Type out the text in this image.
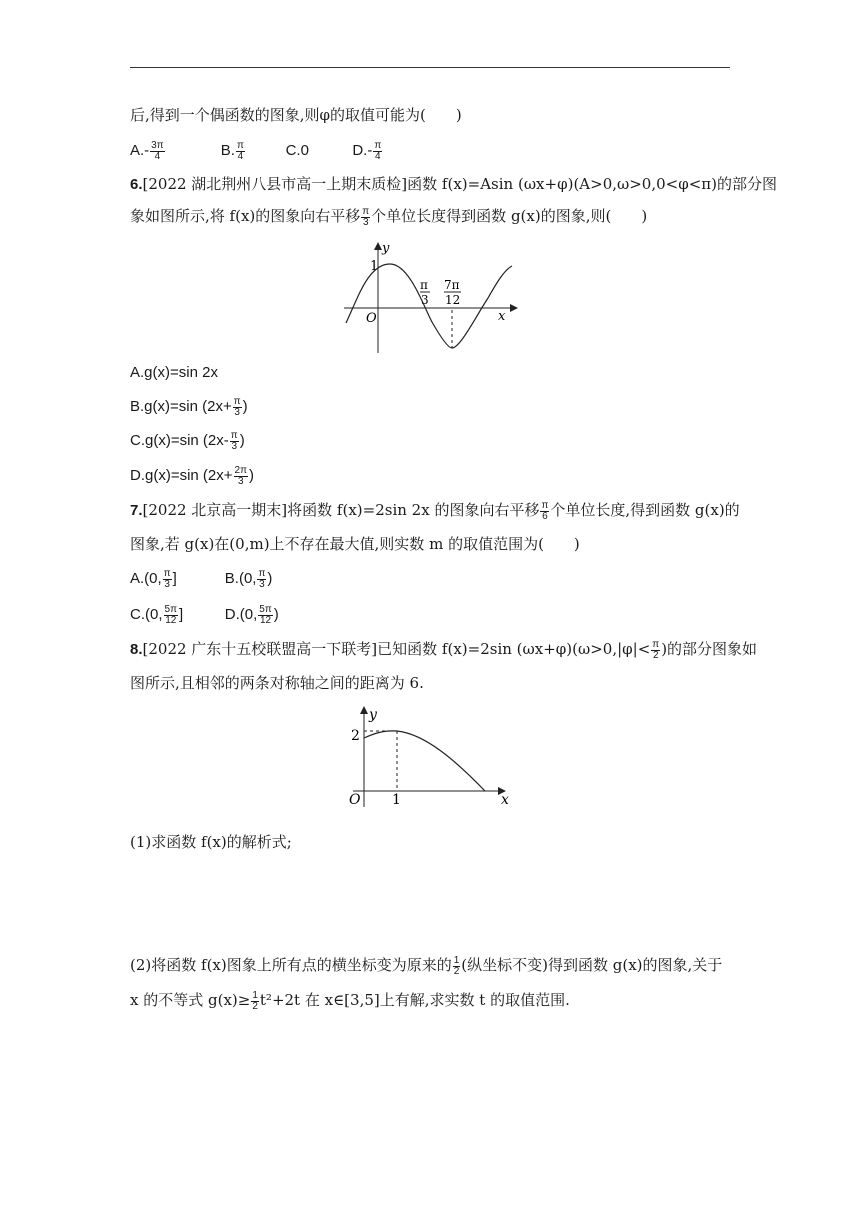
后,得到一个偶函数的图象,则φ的取值可能为(　　)
$A.- \frac{3\pi}{4}$	B. $\frac{\pi}{4}$	C.0	$D.- \frac{\pi}{4}$
6.[2022 湖北荆州八县市高一上期末质检]函数 f(x)=Asin (ωx+φ)(A>0,ω>0,0<φ<π)的部分图
象如图所示,将 f(x)的图象向右平移 $\frac{\pi}{3}$ 个单位长度得到函数 g(x)的图象,则(　　)
y
x
O
1
π
3
7π
12
A.g(x)=sin 2x
B.g(x)=sin ($2x+ \frac{\pi}{3}$ )
C.g(x)=sin ($2x- \frac{\pi}{3}$ )
D.g(x)=sin ($2x+ \frac{2\pi}{3}$ )
7.[2022 北京高一期末]将函数 f(x)=2sin 2x 的图象向右平移 $\frac{\pi}{6}$ 个单位长度,得到函数 g(x)的
图象,若 g(x)在(0,m)上不存在最大值,则实数 m 的取值范围为(　　)
A.(0, $\frac{\pi}{3}$ ]	B.(0, $\frac{\pi}{3}$ )
C.(0, $\frac{5\pi}{12}$ ]	D.(0, $\frac{5\pi}{12}$ )
8.[2022 广东十五校联盟高一下联考]已知函数 f(x)=2sin $(\omega x+\varphi)(\omega>0,|\varphi|< \frac{\pi}{2}$ )的部分图象如
图所示,且相邻的两条对称轴之间的距离为 6.
y
x
O
2
1
(1)求函数 f(x)的解析式;
(2)将函数 f(x)图象上所有点的横坐标变为原来的 $\frac{1}{2}$ (纵坐标不变)得到函数 g(x)的图象,关于
x 的不等式 $g(x)\ge \frac{1}{2} t^2+2t$ 在 x∈[3,5]上有解,求实数 t 的取值范围.
